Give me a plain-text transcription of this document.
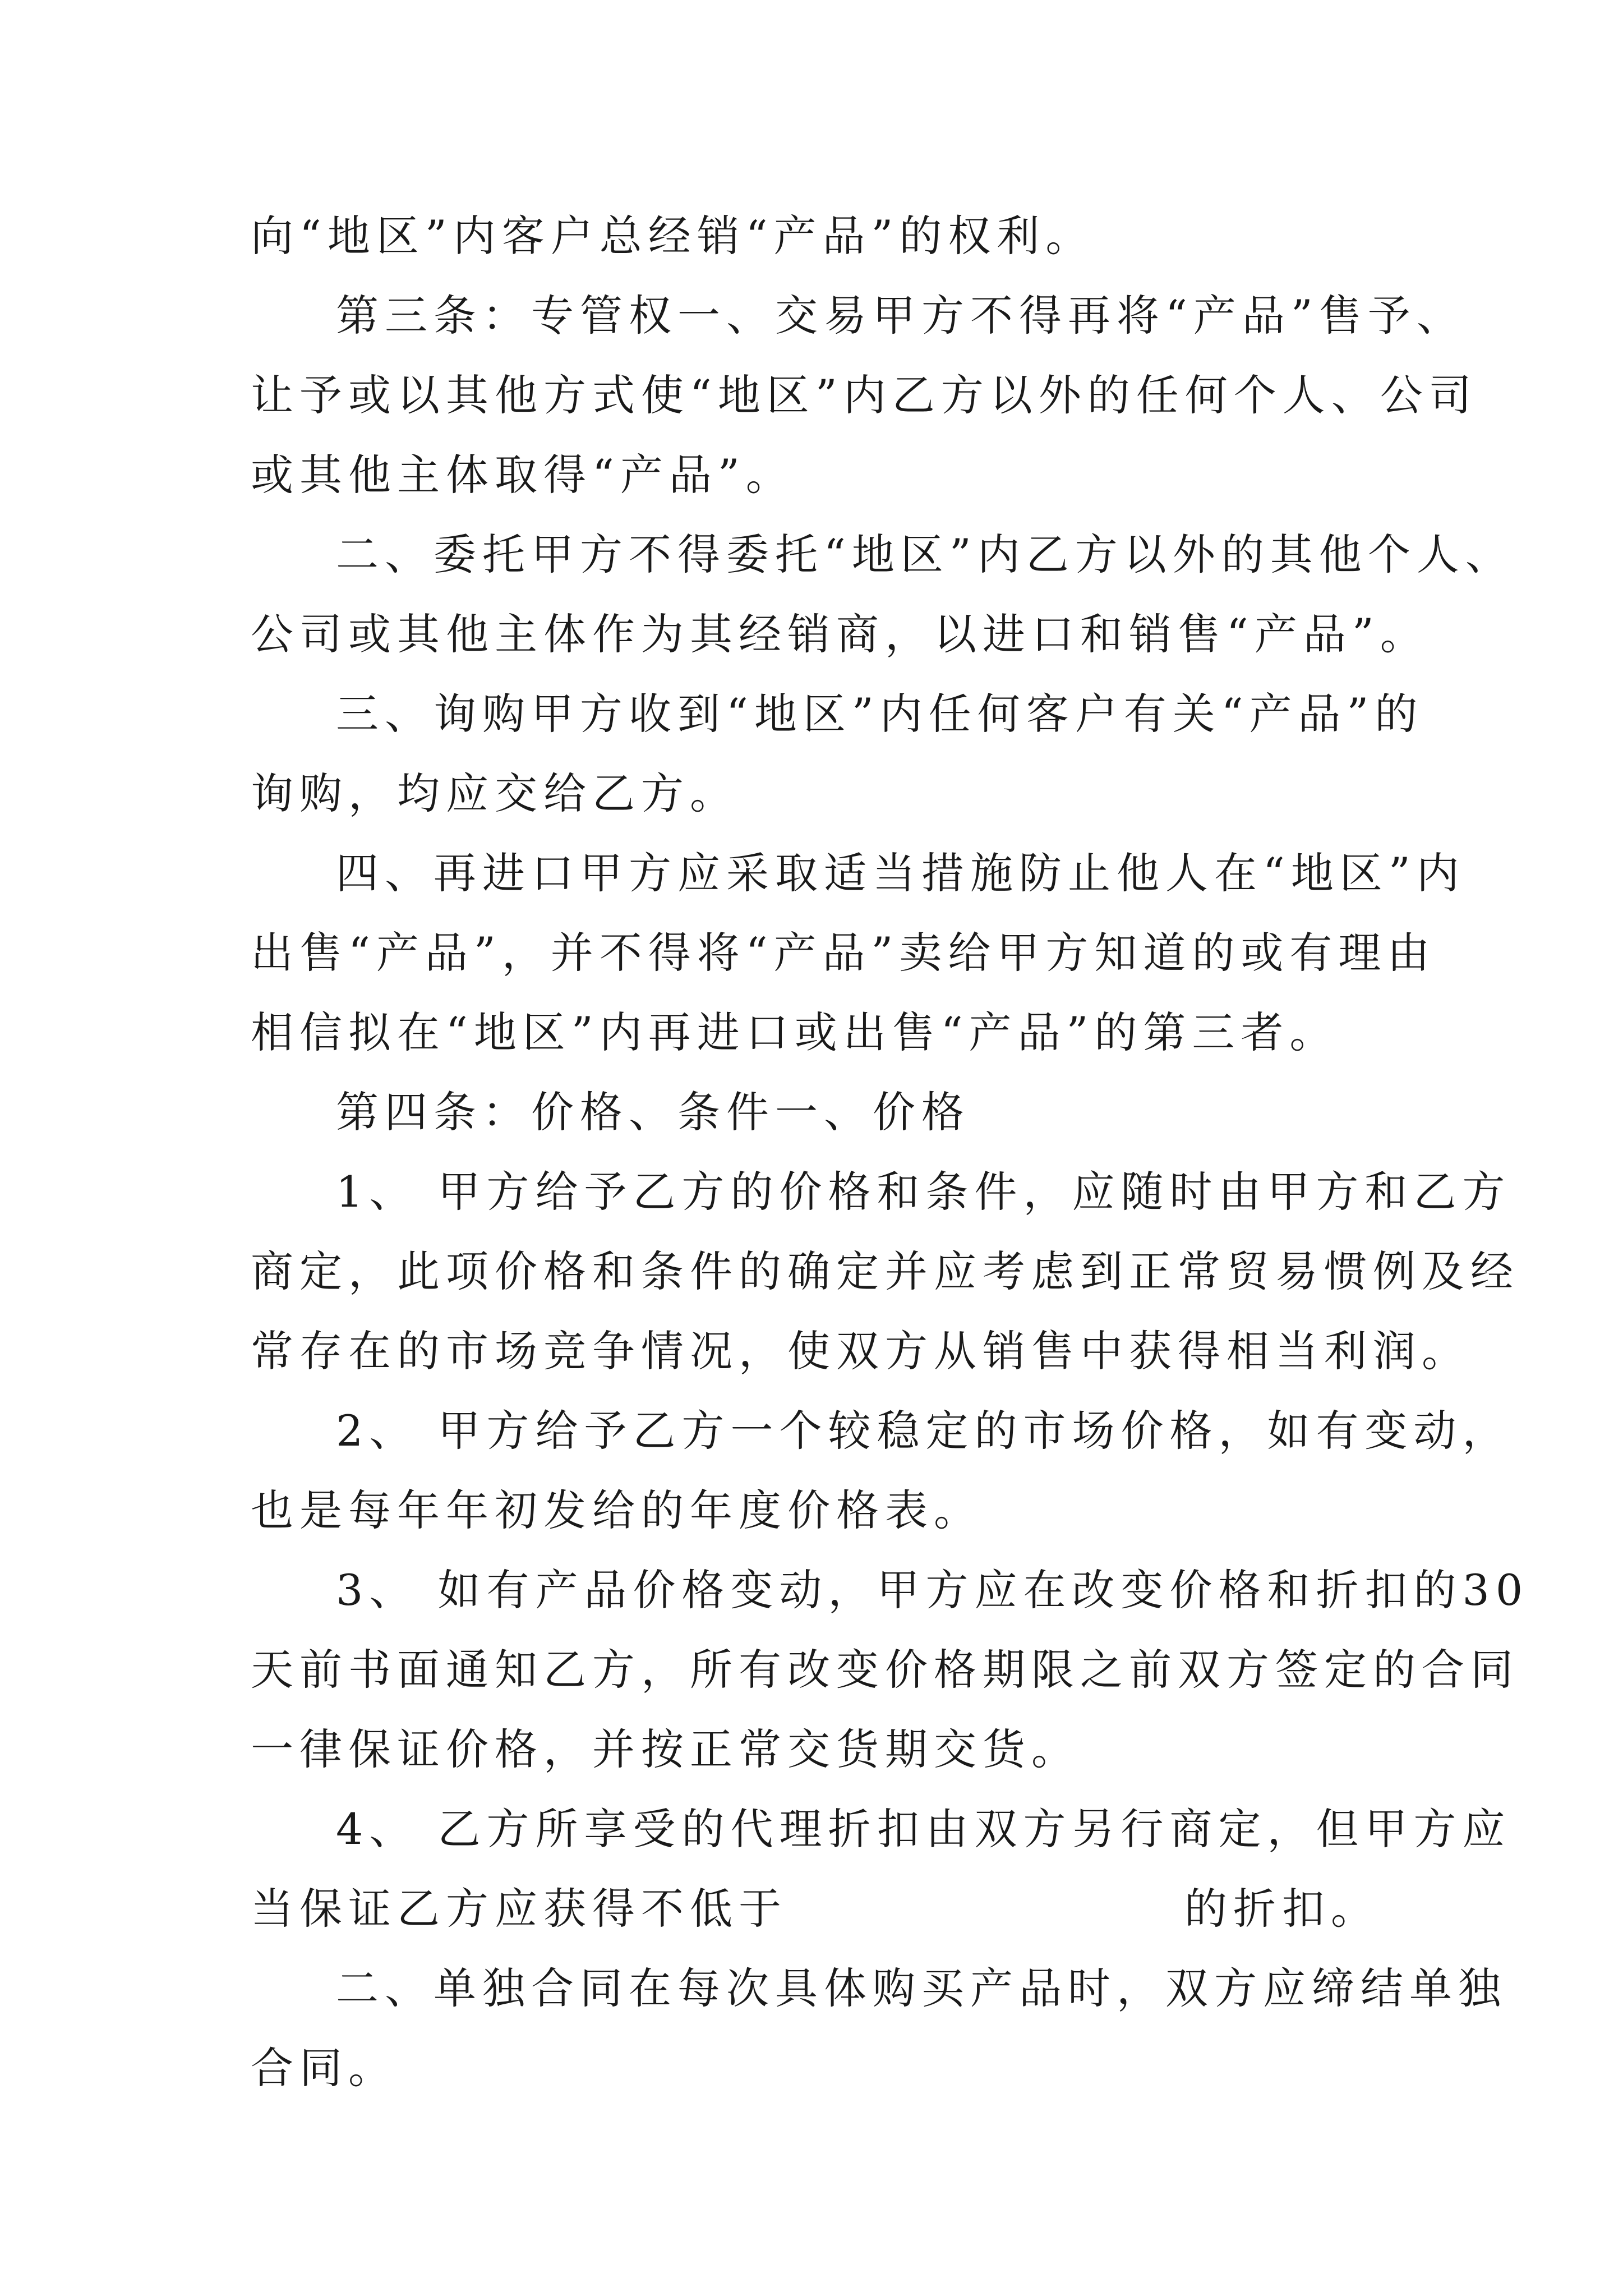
向“地区”内客户总经销“产品”的权利。
第三条：专管权一、交易甲方不得再将“产品”售予、
让予或以其他方式使“地区”内乙方以外的任何个人、公司
或其他主体取得“产品”。
二、委托甲方不得委托“地区”内乙方以外的其他个人、
公司或其他主体作为其经销商，以进口和销售“产品”。
三、询购甲方收到“地区”内任何客户有关“产品”的
询购，均应交给乙方。
四、再进口甲方应采取适当措施防止他人在“地区”内
出售“产品”，并不得将“产品”卖给甲方知道的或有理由
相信拟在“地区”内再进口或出售“产品”的第三者。
第四条：价格、条件一、价格
1、 甲方给予乙方的价格和条件，应随时由甲方和乙方
商定，此项价格和条件的确定并应考虑到正常贸易惯例及经
常存在的市场竞争情况，使双方从销售中获得相当利润。
2、 甲方给予乙方一个较稳定的市场价格，如有变动，
也是每年年初发给的年度价格表。
3、 如有产品价格变动，甲方应在改变价格和折扣的30
天前书面通知乙方，所有改变价格期限之前双方签定的合同
一律保证价格，并按正常交货期交货。
4、 乙方所享受的代理折扣由双方另行商定，但甲方应
当保证乙方应获得不低于	的折扣。
二、单独合同在每次具体购买产品时，双方应缔结单独
合同。
